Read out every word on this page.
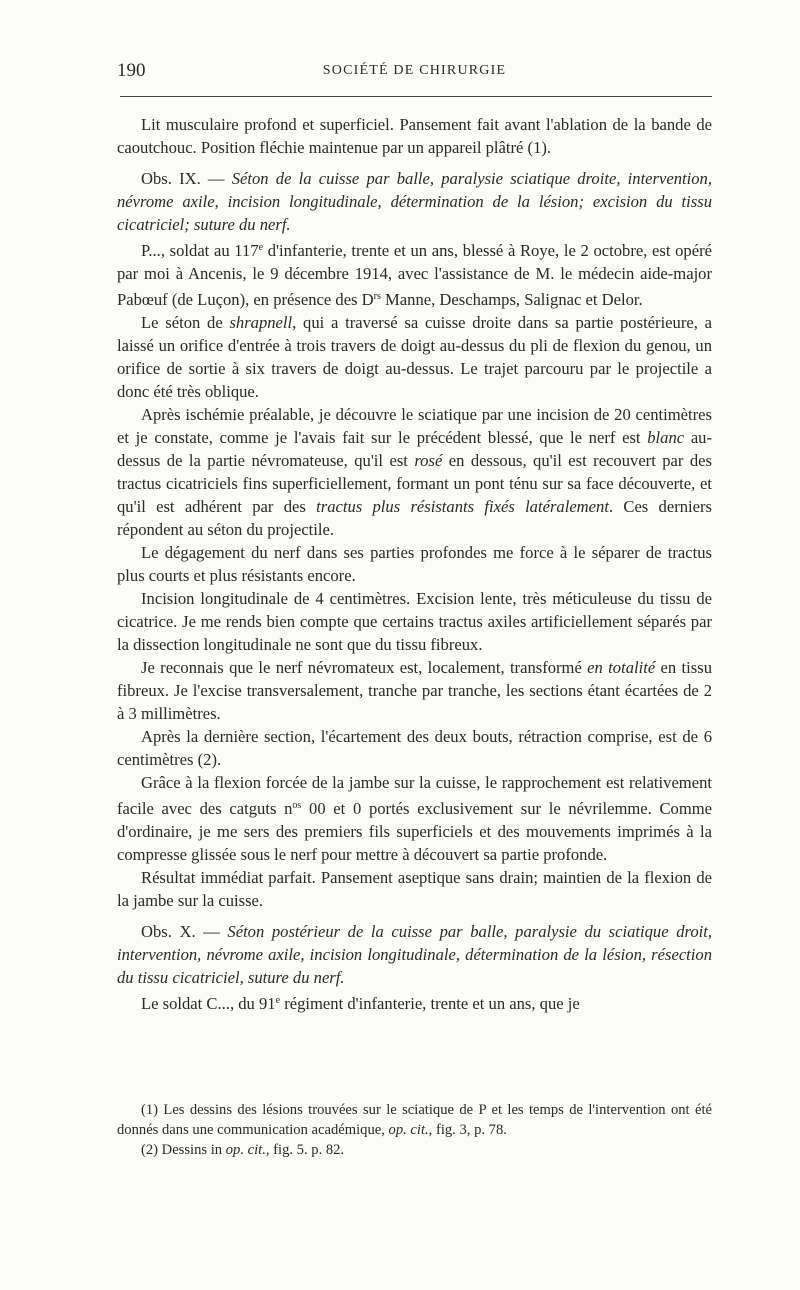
190	SOCIÉTÉ DE CHIRURGIE

Lit musculaire profond et superficiel. Pansement fait avant l'ablation de la bande de caoutchouc. Position fléchie maintenue par un appareil plâtré (1).

Obs. IX. — Séton de la cuisse par balle, paralysie sciatique droite, intervention, névrome axile, incision longitudinale, détermination de la lésion; excision du tissu cicatriciel; suture du nerf.

P..., soldat au 117e d'infanterie, trente et un ans, blessé à Roye, le 2 octobre, est opéré par moi à Ancenis, le 9 décembre 1914, avec l'assistance de M. le médecin aide-major Pabœuf (de Luçon), en présence des $D^{rs}$ Manne, Deschamps, Salignac et Delor.

Le séton de shrapnell, qui a traversé sa cuisse droite dans sa partie postérieure, a laissé un orifice d'entrée à trois travers de doigt au-dessus du pli de flexion du genou, un orifice de sortie à six travers de doigt au-dessus. Le trajet parcouru par le projectile a donc été très oblique.

Après ischémie préalable, je découvre le sciatique par une incision de 20 centimètres et je constate, comme je l'avais fait sur le précédent blessé, que le nerf est blanc au-dessus de la partie névromateuse, qu'il est rosé en dessous, qu'il est recouvert par des tractus cicatriciels fins superficiellement, formant un pont ténu sur sa face découverte, et qu'il est adhérent par des tractus plus résistants fixés latéralement. Ces derniers répondent au séton du projectile.

Le dégagement du nerf dans ses parties profondes me force à le séparer de tractus plus courts et plus résistants encore.

Incision longitudinale de 4 centimètres. Excision lente, très méticuleuse du tissu de cicatrice. Je me rends bien compte que certains tractus axiles artificiellement séparés par la dissection longitudinale ne sont que du tissu fibreux.

Je reconnais que le nerf névromateux est, localement, transformé en totalité en tissu fibreux. Je l'excise transversalement, tranche par tranche, les sections étant écartées de 2 à 3 millimètres.

Après la dernière section, l'écartement des deux bouts, rétraction comprise, est de 6 centimètres (2).

Grâce à la flexion forcée de la jambe sur la cuisse, le rapprochement est relativement facile avec des catguts $n^{os}$ 00 et 0 portés exclusivement sur le névrilemme. Comme d'ordinaire, je me sers des premiers fils superficiels et des mouvements imprimés à la compresse glissée sous le nerf pour mettre à découvert sa partie profonde.

Résultat immédiat parfait. Pansement aseptique sans drain; maintien de la flexion de la jambe sur la cuisse.

Obs. X. — Séton postérieur de la cuisse par balle, paralysie du sciatique droit, intervention, névrome axile, incision longitudinale, détermination de la lésion, résection du tissu cicatriciel, suture du nerf.

Le soldat C..., du 91e régiment d'infanterie, trente et un ans, que je

(1) Les dessins des lésions trouvées sur le sciatique de P et les temps de l'intervention ont été donnés dans une communication académique, op. cit., fig. 3, p. 78.

(2) Dessins in op. cit., fig. 5. p. 82.
